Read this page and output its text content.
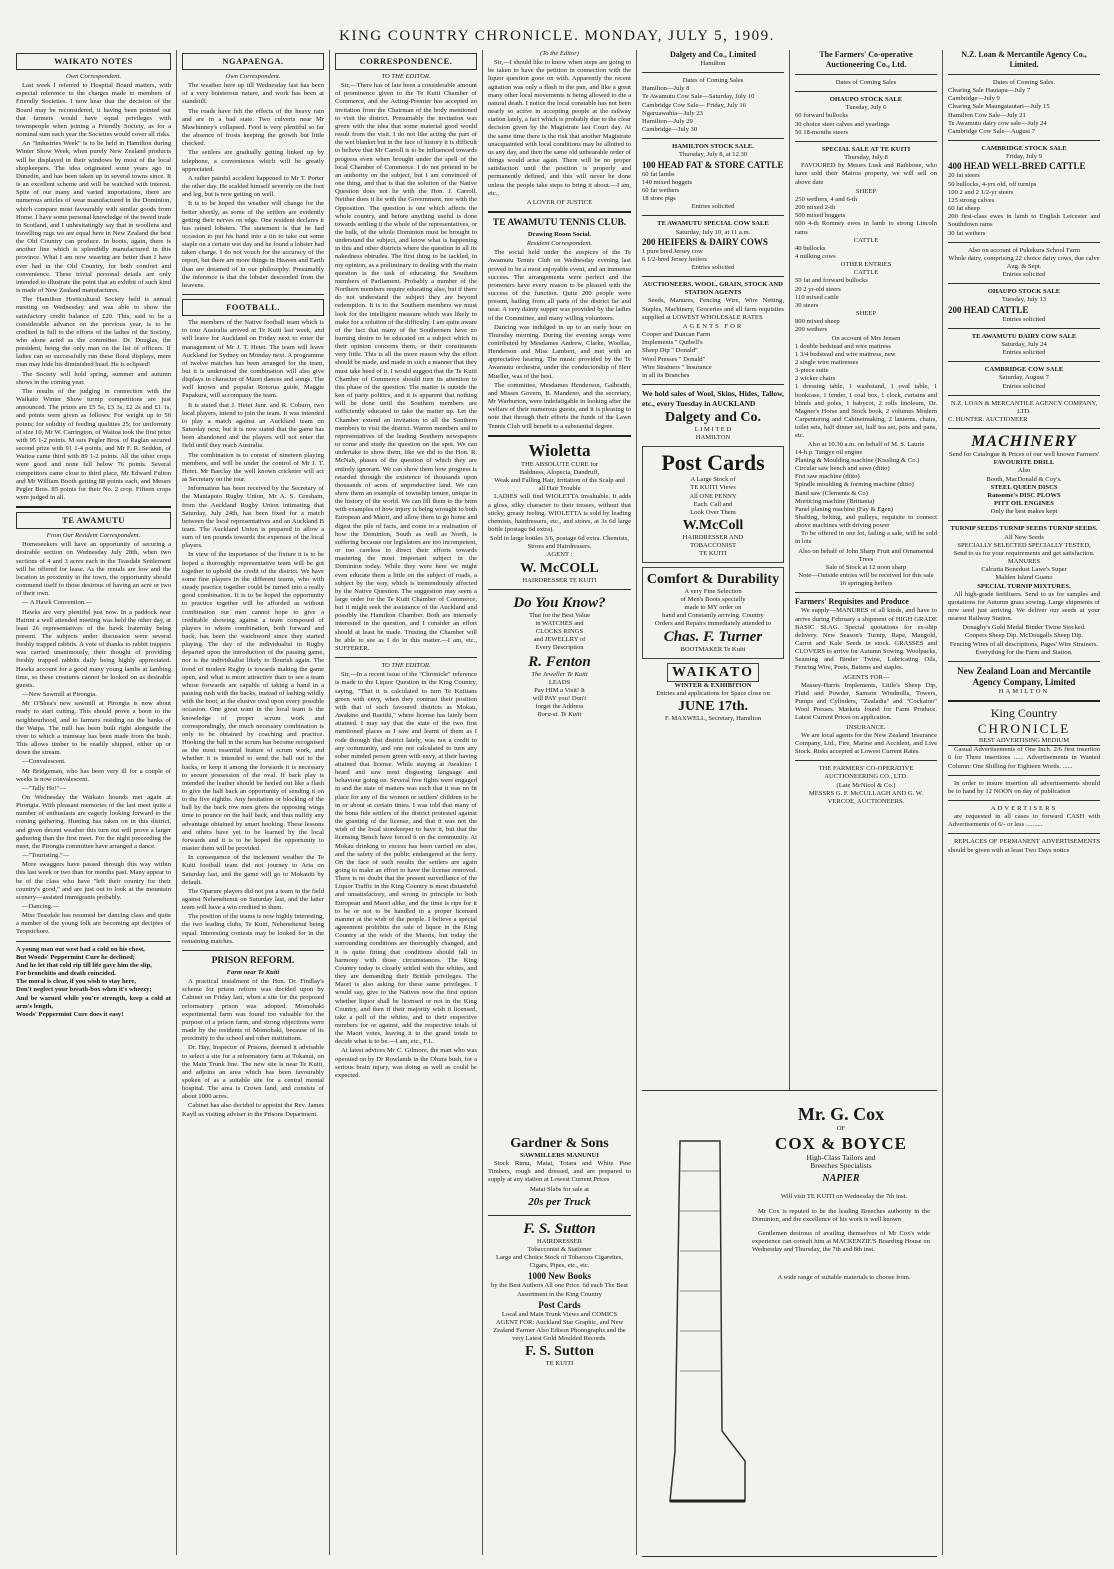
KING COUNTRY CHRONICLE. MONDAY, JULY 5, 1909.
WAIKATO NOTES

Own Correspondent.

Last week I referred to Hospital Board matters, with especial reference to the charges made to members of Friendly Societies. I now hear that the decision of the Board may be reconsidered, it having been pointed out that farmers would have equal privileges with townspeople when joining a Friendly Society, as for a nominal sum each year the Societies would cover all risks.

An "Industries Week" is to be held in Hamilton during Winter Show Week, when purely New Zealand products will be displayed in their windows by most of the local shopkeepers. The idea originated some years ago in Dunedin, and has been taken up in several towns since. It is an excellent scheme and will be watched with interest. Spite of our many and varied importations, there are numerous articles of wear manufactured in the Dominion, which compare most favourably with similar goods from Home. I have some personal knowledge of the tweed trade in Scotland, and I unhesitatingly say that in woollens and travelling rugs we are equal here in New Zealand the best the Old Country can produce. In boots, again, there is another line which is splendidly manufactured in this province. What I am now wearing are better than I have ever had in the Old Country, for both comfort and convenience. These trivial personal details are only intended to illustrate the point that an exhibit of such kind is made of New Zealand manufactures.

The Hamilton Horticultural Society held is annual meeting on Wednesday and was able to show the satisfactory credit balance of £20. This, said to be a considerable advance on the previous year, is to be credited in full to the efforts of the ladies of the Society, who alone acted as the committee. Dr. Douglas, the president, being the only man on the list of officers. If ladies can so successfully run these floral displays, mere man may hide his diminished head. He is eclipsed!

The Society will hold spring, summer and autumn shows in the coming year.

The results of the judging in connection with the Waikato Winter Show turnip competitions are just announced. The prizes are £5 5s, £3 3s, £2 2s and £1 1s, and points were given as follows: For weight up to 50 points; for solidity of feeding qualities 25; for uniformity of size 10, Mr W. Carrington, of Waitoa took the first prize with 95 1-2 points. M ssrs Pegler Bros. of Raglan secured second prize with 91 1-4 points, and Mr F. R. Seddon, of Waitoa came third with 89 1-2 points. All the other crops were good and none fell below 76 points. Several competitors came close to third place, Mr Edward Fulton and Mr William Booth getting 88 points each, and Messrs Pegler Bros. 85 points for their No. 2 crop. Fifteen crops were judged in all.

TE AWAMUTU

From Our Resident Correspondent.

Homeseekers will have an opportunity of securing a desirable section on Wednesday July 28th, when two sections of 4 and 3 acres each in the Teasdale Settlement will be offered for lease. As the rentals are low and the location in proximity to the town, the opportunity should commend itself to those desirous of having an acre or two of their own.

— A Hawk Convention.—

Hawks are very plentiful just now. In a paddock near Hairini a well attended meeting was held the other day, at least 26 representatives of the hawk fraternity being present. The subjects under discussion were several freshly trapped rabbits. A vote of thanks to rabbit trappers was carried unanimously, their thought of providing freshly trapped rabbits daily being highly appreciated. Hawks account for a good many young lambs at lambing time, so these creatures cannot be looked on as desirable guests.

—New Sawmill at Pirongia.

Mr O'Shea's new sawmill at Pirongia is now about ready to start cutting. This should prove a boon to the neighbourhood, and to farmers residing on the banks of the Waipa. The mill has been built right alongside the river to which a tramway has been made from the bush. This allows timber to be readily shipped, either up or down the stream.

—Convalescent.

Mr Bridgeman, who has been very ill for a couple of weeks is now convalescent.

—"Tally Ho!"—

On Wednesday the Waikato hounds met again at Pirongia. With pleasant memories of the last meet quite a number of enthusiasts are eagerly looking forward to the coming gathering. Hunting has taken on in this district, and given decent weather this turn out will prove a larger gathering than the first meet. For the night preceeding the meet, the Pirongia committee have arranged a dance.

—"Touristing."—

More swaggers have passed through this way within this last week or two than for months past. Many appear to be of the class who have "left their country for their country's good," and are just out to look at the mountain scenery—assisted immigrants probably.

—Dancing.—

Miss Teasdale has resumed her dancing class and quite a number of the young folk are becoming apt decipies of Teopsichore.

A young man out west had a cold on his chest,
But Woods' Peppermint Cure he declined;
And he let that cold rip till life gave him the slip,
For bronchitis and death coincided.
The moral is clear, if you wish to stay here,
Don't neglect your breath-box when it's wheezy;
And be warned while you're strength, keep a cold at arm's length,
Woods' Peppermint Cure does it easy!
NGAPAENGA.

Own Correspondent.

The weather here up till Wednesday last has been of a very boisterous nature, and work has been at standstill.

The roads have felt the effects of the heavy rain and are in a bad state. Two culverts near Mr Mawhinney's collapsed. Feed is very plentiful so far the absence of frosts keeping the growth but little checked.

The settlers are gradually getting linked up by telephone, a convenience which will be greatly appreciated.

A rather painful accident happened to Mr T. Porter the other day. He scalded himself severely on the foot and leg, but is now getting on well.

It is to be hoped the weather will change for the better shortly, as some of the settlers are evidently getting their nerves on edge. One resident declares it has rained lobsters. The statement is that he had occasion to put his hand into a tin to take out some staple on a certain wet day and he found a lobster had taken charge. I do not vouch for the accuracy of the report, but there are more things in Heaven and Earth than are dreamed of in our philosophy. Presumably the inference is that the lobster descended from the heavens.

FOOTBALL.

The members of the Native football team which is to tour Australia arrived at Te Kuiti last week, and will leave for Auckland on Friday next to enter the management of Mr J. T. Hetet. The team will leave Auckland for Sydney on Monday next. A programme of twelve matches has been arranged for the team, but it is understood the combination will also give displays in character of Maori dances and songs. The well known and popular Rotorua guide, Maggie Papakura, will accompany the team.

It is stated that J. Hetet Junr. and R. Coburn, two local players, intend to join the team. It was intended to play a match against an Auckland team on Saturday next, but it is now stated that the game has been abandoned and the players will not enter the field until they reach Australia.

The combination is to consist of nineteen playing members, and will be under the control of Mr J. T. Hetet. Mr Barclay the well known cricketer will act as Secretary on the tour.

Information has been received by the Secretary of the Maniapoto Rugby Union, Mr A. S. Gresham, from the Auckland Rugby Union intimating that Saturday, July 24th, has been fixed for a match between the local representatives and an Auckland B team. The Auckland Union is prepared to allow a sum of ten pounds towards the expenses of the local players.

In view of the importance of the fixture it is to be hoped a thoroughly representative team will be got together to uphold the credit of the district. We have some fine players in the different teams, who with steady practice together could be turned into a really good combination. It is to be hoped the opportunity to practice together will be afforded as without combination our men cannot hope to give a creditable showing against a team composed of players to whom combination, both forward and back, has been the watchword since they started playing. The day of the individualist in Rugby departed upon the introduction of the passing game, nor is the individualist likely to flourish again. The trend of modern Rugby is towards making the game open, and what is more attractive than to see a team whose forwards are capable of taking a hand in a passing rush with the backs, instead of lashing wildly with the boot, at the elusive oval upon every possible occasion. One great want in the local team is the knowledge of proper scrum work and correspondingly, the much necessary combination is only to be obtained by coaching and practice. Hooking the ball in the scrum has become recognised as the most essential feature of scrum work, and whether it is intended to send the ball out to the backs, or keep it among the forwards it is necessary to secure possession of the oval. If back play is intended the leather should be heeled out like a flash to give the half back an opportunity of sending it on to the five eighths. Any hesitation or blocking of the ball by the back row men gives the opposing wings time to pounce on the half back, and thus nullify any advantage obtained by smart hooking. These lessons and others have yet to be learned by the local forwards and it is to be hoped the opportunity to master them will be provided.

In consequence of the inclement weather the Te Kuiti football team did not journey to Aria on Saturday last, and the game will go to Mokauiti by default.

The Oparure players did not put a team in the field against Nehenehenui on Saturday last, and the latter team will have a win credited to them.

The position of the teams is now highly interesting, the two leading clubs, Te Kuiti, Nehenehenui being equal. Interesting contests may be looked for in the remaining matches.

PRISON REFORM.

Farm near Te Kuiti

A practical instalment of the Hon. Dr. Findlay's scheme for prison reform was decided upon by Cabinet on Friday last, when a site for the proposed reformatory prison was adopted. Momohaki experimental farm was found too valuable for the purpose of a prison farm, and strong objections were made by the residents of Momohaki, because of its proximity to the school and other institutions.

Dr. Hay, Inspector of Prisons, deemed it advisable to select a site for a reformatory farm at Tokanui, on the Main Trunk line. The new site is near Te Kuiti, and adjoins an area which has been favourably spoken of as a suitable site for a central mental hospital. The area is Crown land, and consists of about 1000 acres.

Cabinet has also decided to appoint the Rev. James Kayll as visiting adviser to the Prisons Department.

CORRESPONDENCE.

TO THE EDITOR.

Sir,—There has of late been a considerable amount of prominence given to the Te Kuiti Chamber of Commerce, and the Acting-Premier has accepted an invitation from the Chairman of the body mentioned to visit the district. Presumably the invitation was given with the idea that some material good would result from the visit. I do not like acting the part of the wet blanket but in the face of history it is difficult to believe that Mr Carroll is to be influenced towards progress even when brought under the spell of the local Chamber of Commerce. I do not pretend to be an authority on the subject, but I am convinced of one thing, and that is that the solution of the Native Question does not lie with the Hon. J. Carroll. Neither does it lie with the Government, nor with the Opposition. The question is one which affects the whole country, and before anything useful is done towards settling it the whole of the representatives, or the bulk, of the whole Dominion must be brought to understand the subject, and know what is happening in this and other districts where the question in all its nakedness obtrudes. The first thing to be tackled, in my opinion, as a preliminary to dealing with the main question is the task of educating the Southern members of Parliament. Probably a number of the Northern members require educating also, but if there do not understand the subject they are beyond redemption. It is to the Southern members we must look for the intelligent measure which was likely to make for a solution of the difficulty. I am quite aware of the fact that many of the Southerners have no burning desire to be educated on a subject which in their opinion concerns them, or their constituents very little. This is all the more reason why the effort should be made, and made in such a manner that they must take heed of it. I would suggest that the Te Kuiti Chamber of Commerce should turn its attention to this phase of the question. The matter is outside the ken of party politics, and it is apparent that nothing will be done until the Southern members are sufficiently educated to take the matter up. Let the Chamber extend an invitation to all the Southern members to visit the district. Warren members and to representatives of the leading Southern newspapers to come and study the question on the spot. We can undertake to show them, like we did to the Hon. R. McNab, phases of the question of which they are entirely ignorant. We can show them how progress is retarded through the existence of thousands upon thousands of acres of unproductive land. We can show them an example of township tenure, unique in the history of the world. We can fill them to the brim with examples of how injury is being wrought to both European and Maori, and allow them to go home and digest the pile of facts, and come to a realisation of how the Dominion, South as well as North, is suffering because our legislators are too incompetent, or too careless to direct their efforts towards mastering the most important subject in the Dominion today. While they were here we might even educate them a little on the subject of roads, a subject by the way, which is tremendously affected by the Native Question. The suggestion may seem a large order for the Te Kuiti Chamber of Commerce, but it might seek the assistance of the Auckland and possibly the Hamilton Chamber. Both are intensely interested in the question, and I consider an effort should at least be made. Trusting the Chamber will be able to see as I do in this matter.—I am, etc., SUFFERER.

TO THE EDITOR.

Sir,—In a recent issue of the "Chronicle" reference is made to the Liquor Question in the King Country, saying, "That it is calculated to turn Te Kuitians green with envy, when they contrast their position with that of such favoured districts as Mokau, Awakino and Raetihi," where license has lately been attained. I may say that the state of the two first mentioned places as I saw and learnt of them as I rode through that district lately, was not a credit to any community, and one not calculated to turn any sober minded person green with envy, at their having attained that license. While staying at Awakino I heard and saw most disgusting language and behaviour going on. Several free fights were engaged in and the state of matters was such that it was no fit place for any of the women or settlers' children to be in or about at certain times. I was told that many of the bona fide settlers of the district protested against the granting of the license, and that it was not the wish of the local storekeeper to have it, but that the licensing Bench have forced it on the community. At Mokau drinking to excess has been carried on also, and the safety of the public endangered at the ferry. On the face of such results the settlers are again going to make an effort to have the license removed. There is no doubt that the present surveillance of the Liquor Traffic in the King Country is most distasteful and unsatisfactory, and wrong in principle to both European and Maori alike, and the time is ripe for it to be or not to be handled in a proper licensed manner at the wish of the people. I believe a special agreement prohibits the sale of liquor in the King Country at the wish of the Maoris, but today the surrounding conditions are thoroughly changed, and it is quite fitting that conditions should fall in harmony with those circumstances. The King Country today is closely settled with the whites, and they are demanding their British privileges. The Maori is also asking for these same privileges. I would say, give to the Natives now the first option whether liquor shall be licensed or not in the King Country, and then if their majority wish it licensed, take a poll of the whites, and to their respective numbers for or against, add the respective totals of the Maori votes, leaving it to the grand totals to decide what is to be.—I am, etc., F.L.

At latest advices Mr C. Gilmore, the man who was operated on by Dr Rowlands in the Ohura bush, for a serious brain injury, was doing as well as could be expected.

(To the Editor)

Sir,—I should like to know when steps are going to be taken to have the petition in connection with the liquor question gone on with. Apparently the recent agitation was only a flash in the pan, and like a great many other local movements is being allowed to die a natural death. I notice the local constable has not been nearly so active in accepting people at the railway station lately, a fact which is probably due to the clear decision given by the Magistrate last Court day. At the same time there is the risk that another Magistrate unacquainted with local conditions may be allotted to us any day, and then the same old unbearable order of things would arise again. There will be no proper satisfaction until the position is properly and permanently defined, and this will never be done unless the people take steps to bring it about.—I am, etc.,

A LOVER OF JUSTICE

TE AWAMUTU TENNIS CLUB.

Drawing Room Social.

Resident Correspondent.

The social held under the auspices of the Te Awamutu Tennis Club on Wednesday evening last proved to be a most enjoyable event, and an immense success. The arrangements were perfect and the promoters have every reason to be pleased with the success of the function. Quite 200 people were present, hailing from all parts of the district far and near. A very dainty supper was provided by the ladies of the Committee, and many willing volunteers.

Dancing was indulged in up to an early hour on Thursday morning. During the evening songs were contributed by Mesdames Andrew, Clarke, Woollas, Henderson and Miss Lambert, and met with an appreciative hearing. The music provided by the Te Awamutu orchestra, under the conductorship of Herr Mueller, was of the best.

The committee, Mesdames Henderson, Galbraith, and Misses Govern, B. Mandeno, and the secretary, Mr Warburton, were indefatigable in looking after the welfare of their numerous guests, and it is pleasing to note that through their efforts the funds of the Lawn Tennis Club will benefit to a substantial degree.

Wioletta
THE ABSOLUTE CURE for
Baldness, Alopecia, Dandruff,
Weak and Falling Hair, Irritation of the Scalp and
all Hair Trouble

LADIES will find WIOLETTA invaluable. It adds a gloss, silky character to their tresses, without that sticky, greasy feeling. WIOLETTA is sold by leading chemists, hairdressers, etc., and stores, at 3s 6d large bottle (postage 6d extra).

Sold in large bottles 3/6, postage 6d extra. Chemists, Stores and Hairdressers.
AGENT :
W. McCOLL
HAIRDRESSER TE KUITI
Do You Know?
That for the Best Value
in WATCHES and
CLOCKS RINGS
and JEWELLRY of
Every Description
R. Fenton
The Jeweller Te Kuiti
LEADS
Pay HIM a Visit! It
will PAY you! Don't
forget the Address
Rora-st. Te Kuiti
Gardner & Sons
SAWMILLERS MANUNUI

Stock Rimu, Matai, Totara and White Pine Timbers, rough and dressed, and are prepared to supply at any station at Lowest Current Prices

Matai Slabs for sale at
20s per Truck
F. S. Sutton
HAIRDRESSER
Tobacconist & Stationer
Large and Choice Stock of Tobaccos Cigarettes, Cigars, Pipes, etc., etc.
1000 New Books
by the Best Authors All one Price. 6d each The Best Assortment in the King Country
Post Cards
Local and Main Trunk Views and COMICS
AGENT FOR: Auckland Star Graphic, and New Zealand Farmer Also Edison Phonographs and the very Latest Gold Moulded Records.
F. S. Sutton
TE KUITI
Dalgety and Co., Limited
Hamilton
Dates of Coming Sales
Hamilton—July 8
Te Awamutu Cow Sale—Saturday, July 10
Cambridge Cow Sale— Friday, July 16
Ngaruawahia—July 23
Hamilton—July 29
Cambridge—July 30
HAMILTON STOCK SALE.
Thursday, July 8, at 12.30
100 HEAD FAT & STORE CATTLE
60 fat lambs
140 mixed hoggets
60 fat wethers
18 store pigs
Entries solicited
TE AWAMUTU SPECIAL COW SALE
Saturday, July 10, at 11 a.m.
200 HEIFERS & DAIRY COWS
1 pure bred Jersey cow
6 1/2-bred Jersey heifers
Entries solicited
AUCTIONEERS, WOOL, GRAIN, STOCK AND STATION AGENTS

Seeds, Manures, Fencing Wire, Wire Netting, Staples, Machinery, Groceries and all farm requisites supplied at LOWEST WHOLESALE RATES

AGENTS FOR
Cooper and Duncan Farm
Implements " Quibell's
Sheep Dip " Donald"
Wool Presses " Donald"
Wire Strainers " Insurance
in all its Branches
We hold sales of Wool, Skins, Hides, Tallow, etc., every Tuesday in AUCKLAND
Dalgety and Co.
L I M I T E D
HAMILTON
Post Cards
A Large Stock of
TE KUITI Views
All ONE PENNY
Each. Call and
Look Over Them
W.McColl
HAIRDRESSER AND
TOBACCONIST
TE KUITI
Comfort & Durability
A very Fine Selection
of Men's Boots specially
made to MY order on
hand and Constantly arriving. Country
Orders and Repairs immediately attended to
Chas. F. Turner
BOOTMAKER Te Kuiti
WAIKATO
WINTER & EXHIBITION
Entries and applications for Space close on
JUNE 17th.
F. MAXWELL, Secretary, Hamilton
The Farmers' Co-operative Auctioneering Co., Ltd.
Dates of Coming Sales
OHAUPO STOCK SALE
Tuesday, July 6
60 forward bullocks
30 choice steer calves and yearlings
50 18-months steers
SPECIAL SALE AT TE KUITI
Thursday, July 8

FAVOURED by Messrs Lusk and Rathbone, who have sold their Mairoa property, we will sell on above date

SHEEP
250 wethers, 4 and 6-th
200 mixed 2-th
500 mixed hoggets
600 4-th Romney ewes in lamb to strong Lincoln rams
CATTLE
40 bullocks
4 milking cows
OTHER ENTRIES
CATTLE
50 fat and forward bullocks
20 2 yr-old steers
110 mixed cattle
30 steers
SHEEP
800 mixed sheep
200 wethers
On account of Mrs Jensen
1 double bedstead and wire mattress
1 3/4 bedstead and wire mattress, new
2 single wire mattresses
3-piece suite
2 wicker chairs
1 dressing table, 1 washstand, 1 oval table, 1 bookcase, 1 fender, 1 coal box, 1 clock, curtains and blinds and poles, 1 babycot, 2 rolls linoleum, Dr. Magner's Horse and Stock book, 2 volumes Modern Carpentering and Cabinetmaking, 2 lanterns, chairs, toilet sets, half dinner set, half tea set, pots and pans, etc.
Also at 10.30 a.m. on behalf of M. S. Laurie
14-h.p. Tangye oil engine
Planing & Moulding machine (Kissling & Co.)
Circular saw bench and saws (ditto)
Fret saw machine (ditto)
Spindle moulding & forming machine (ditto)
Band saw (Clements & Co)
Morticing machine (Brittania)
Panel planing machine (Fay & Egen)
Shafting, belting, and pulleys, requisite to connect above machines with driving power

To be offered in one lot, failing a sale, will be sold in lots

Also on behalf of John Sharp Fruit and Ornamental Trees
Sale of Stock at 12 noon sharp
Note—Outside entries will be received for this sale
16 springing heifers
Farmers' Requisites and Produce

We supply—MANURES of all kinds, and have to arrive during February a shipment of HIGH GRADE BASIC SLAG. Special quotations for ex-ship delivery. New Season's Turnip, Rape, Mangold, Carrot and Kale Seeds in stock. GRASSES and CLOVERS to arrive for Autumn Sowing. Woolpacks, Seaming and Binder Twine, Lubricating Oils, Fencing Wire, Posts, Battens and staples.

AGENTS FOR—

Massey-Harris Implements, Little's Sheep Dip, Fluid and Powder, Samson Windmills, Towers, Pumps and Cylinders, "Zealadia" and "Cockatoo" Wool Presses. Markets found for Farm Produce. Latest Current Prices on application.

INSURANCE.

We are local agents for the New Zealand Insurance Company, Ltd., Fire, Marine and Accident, and Live Stock. Risks accepted at Lowest Current Rates.

THE FARMERS' CO-OPERATIVE AUCTIONEERING CO., LTD.
(Late McNicol & Co.)
MESSRS G. F. McCULLAGH AND G. W. VERCOE, AUCTIONEERS.
Mr. G. Cox
OF
COX & BOYCE
High-Class Tailors and
Breeches Specialists
NAPIER

Will visit TE KUITI on Wednesday the 7th inst.

Mr Cox is reputed to be the leading Breeches authority in the Dominion, and the excellence of his work is well known

Gentlemen desirous of availing themselves of Mr Cox's wide experience can consult him at MACKENZIE'S Boarding House on Wednesday and Thursday, the 7th and 8th inst.

A wide range of suitable materials to choose from.

N.Z. Loan & Mercantile Agency Co., Limited.
Dates of Coming Sales.
Clearing Sale Hautapu—July 7
Cambridge—July 9
Clearing Sale Maungatautari—July 15
Hamilton Cow Sale—July 21
Te Awamutu dairy cow sale—July 24
Cambridge Cow Sale—August 7
CAMBRIDGE STOCK SALE
Friday, July 9
400 HEAD WELL-BRED CATTLE
20 fat steers
50 bullocks, 4-yrs old, off turnips
100 2 and 2 1/2-yr steers
125 strong calves
60 fat sheep
200 first-class ewes in lamb to English Leicester and Southdown rams
30 fat wethers
Also on account of Pukekura School Farm
Whole dairy, comprising 22 choice dairy cows, due calve Aug. & Sept.
Entries solicited
OHAUPO STOCK SALE
Tuesday, July 13
200 HEAD CATTLE
Entries solicited
TE AWAMUTU DAIRY COW SALE
Saturday, July 24
Entries solicited
CAMBRIDGE COW SALE
Saturday, August 7
Entries solicited
N.Z. LOAN & MERCANTILE AGENCY COMPANY, LTD.
C. HUNTER. AUCTIONEER
MACHINERY
Send for Catalogue & Prices of our well known Farmers'
FAVOURITE DRILL
Also
Booth, MacDonald & Coy's.
STEEL QUEEN DISCS
Ransome's DISC PLOWS
PITT OIL ENGINES
Only the best makes kept
TURNIP SEEDS TURNIP SEEDS TURNIP SEEDS.
All New Seeds
SPECIALLY SELECTED SPECIALLY TESTED,
Send to us for your requirements and get satisfaction.
MANURES
Calcutta Bonedust Lawe's Super
Malden Island Guano
SPECIAL TURNIP MIXTURES.

All high-grade fertilisers. Send to us for samples and quotations for Autumn grass sowing. Large shipments of new seed just arriving. We deliver our seeds at your nearest Railway Station.

Donaghy's Gold Medal Binder Twine Stocked.
Coopers Sheep Dip. McDougalls Sheep Dip.
Fencing Wires of all descriptions, Pages' Wire Strainers. Everything for the Farm and Station.
New Zealand Loan and Mercantile Agency Company, Limited
HAMILTON
King Country
CHRONICLE
BEST ADVERTISING MEDIUM

Casual Advertisements of One Inch. 2/6 first insertion 6 for Three insertions ...... Advertisements in Wanted Column: One Shilling for Eighteen Words. ......

In order to insure insertion all advertisements should be to hand by 12 NOON on day of publication

ADVERTISERS

are requested in all cases to forward CASH with Advertisements of 6/- or less ..........

REPLACES OF PERMANENT ADVERTISEMENTS should be given with at least Two Days notice
